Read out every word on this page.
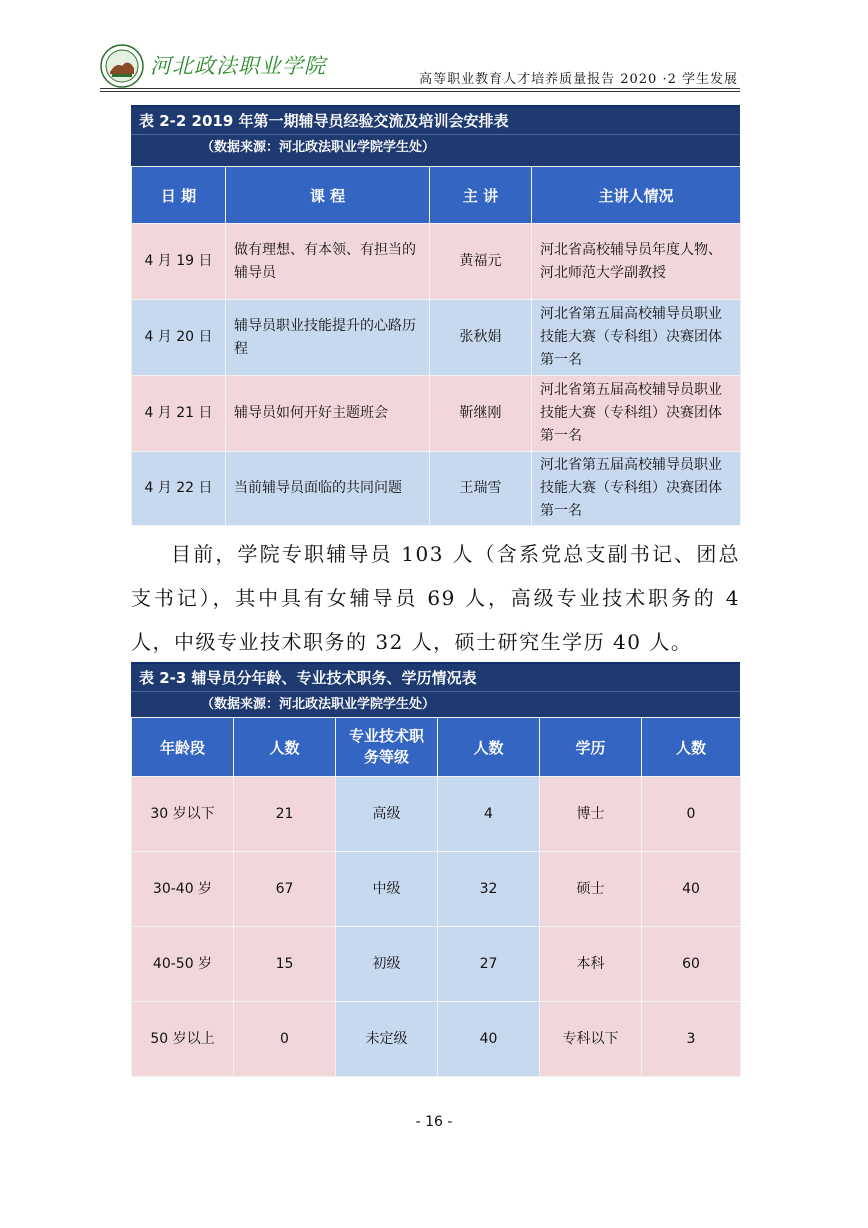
河北政法职业学院
高等职业教育人才培养质量报告 2020 ·2 学生发展
表 2-2 2019 年第一期辅导员经验交流及培训会安排表
（数据来源：河北政法职业学院学生处）
日 期	课 程	主 讲	主讲人情况
4 月 19 日	做有理想、有本领、有担当的辅导员	黄福元	河北省高校辅导员年度人物、河北师范大学副教授
4 月 20 日	辅导员职业技能提升的心路历程	张秋娟	河北省第五届高校辅导员职业技能大赛（专科组）决赛团体第一名
4 月 21 日	辅导员如何开好主题班会	靳继刚	河北省第五届高校辅导员职业技能大赛（专科组）决赛团体第一名
4 月 22 日	当前辅导员面临的共同问题	王瑞雪	河北省第五届高校辅导员职业技能大赛（专科组）决赛团体第一名

目前，学院专职辅导员 103 人（含系党总支副书记、团总支书记），其中具有女辅导员 69 人，高级专业技术职务的 4 人，中级专业技术职务的 32 人，硕士研究生学历 40 人。

表 2-3 辅导员分年龄、专业技术职务、学历情况表
（数据来源：河北政法职业学院学生处）
年龄段	人数	专业技术职务等级	人数	学历	人数
30 岁以下	21	高级	4	博士	0
30-40 岁	67	中级	32	硕士	40
40-50 岁	15	初级	27	本科	60
50 岁以上	0	未定级	40	专科以下	3
- 16 -
